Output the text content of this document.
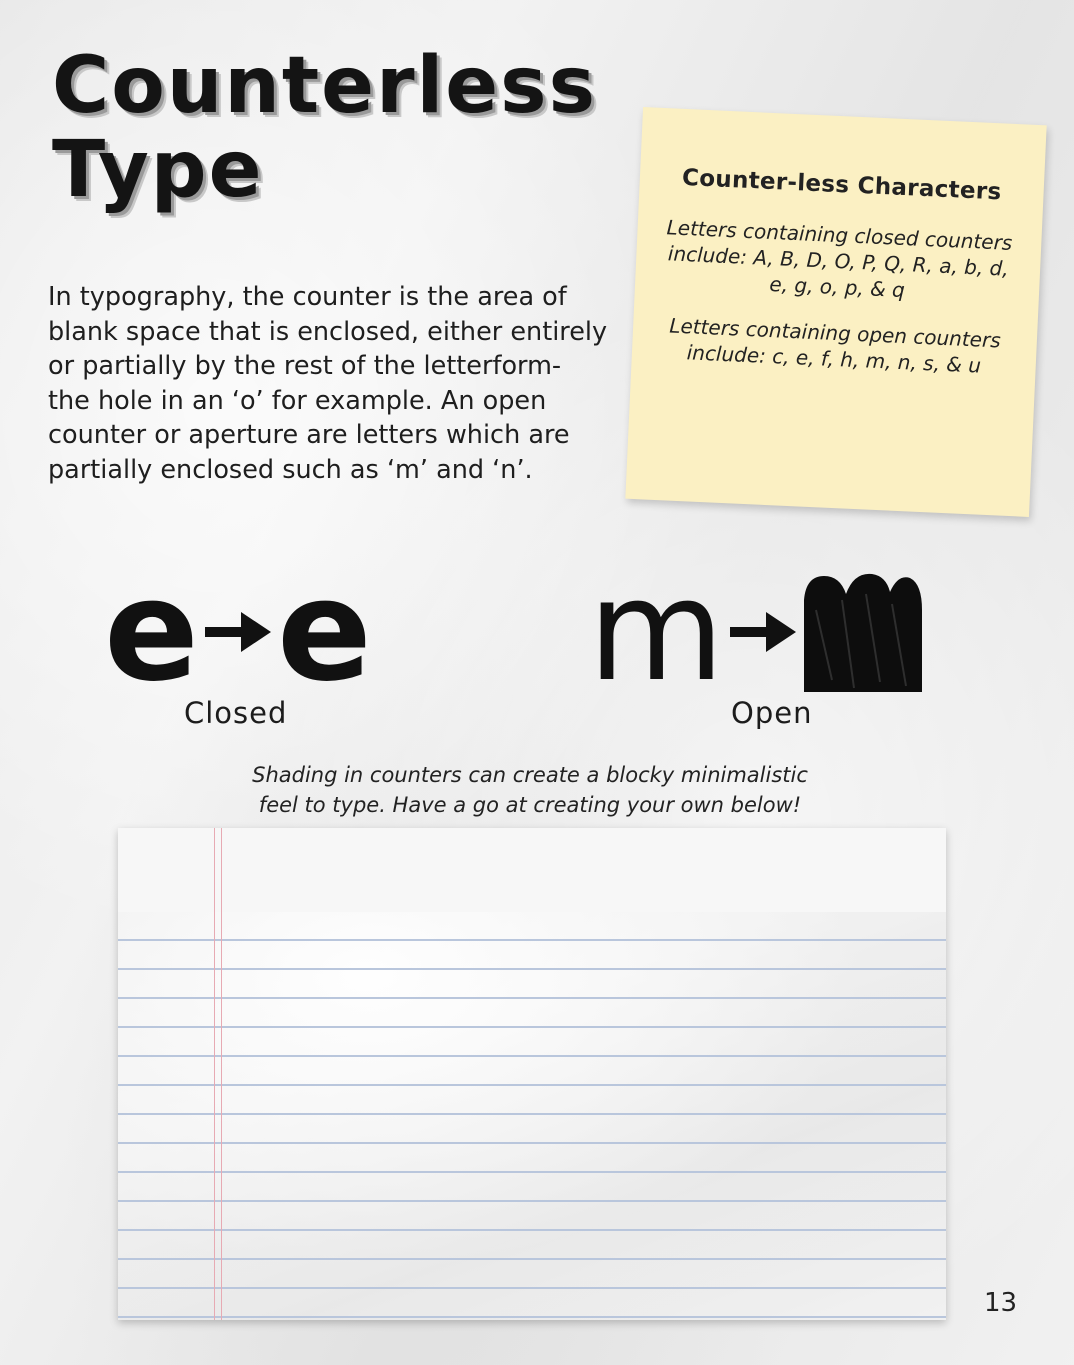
Counterless
Type

In typography, the counter is the area of blank space that is enclosed, either entirely or partially by the rest of the letterform- the hole in an ‘o’ for example. An open counter or aperture are letters which are partially enclosed such as ‘m’ and ‘n’.

Counter-less Characters
Letters containing closed counters include: A, B, D, O, P, Q, R, a, b, d, e, g, o, p, & q
Letters containing open counters include: c, e, f, h, m, n, s, & u
e e m
Closed	Open

Shading in counters can create a blocky minimalistic feel to type. Have a go at creating your own below!

13
